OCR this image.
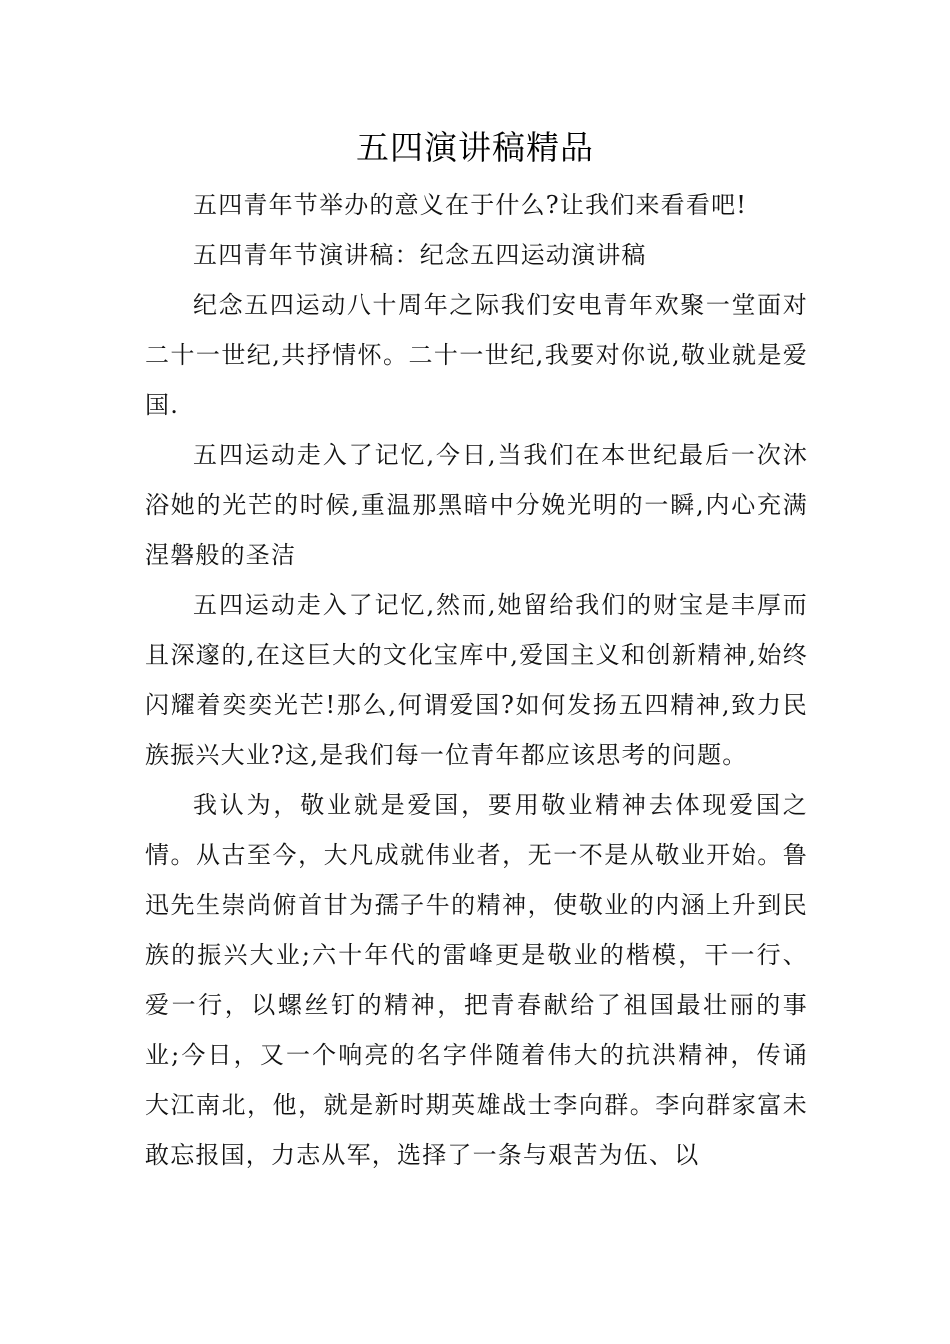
五四演讲稿精品

五四青年节举办的意义在于什么?让我们来看看吧!

五四青年节演讲稿：纪念五四运动演讲稿

纪念五四运动八十周年之际我们安电青年欢聚一堂面对二十一世纪,共抒情怀。二十一世纪,我要对你说,敬业就是爱国.

五四运动走入了记忆,今日,当我们在本世纪最后一次沐浴她的光芒的时候,重温那黑暗中分娩光明的一瞬,内心充满涅磐般的圣洁

五四运动走入了记忆,然而,她留给我们的财宝是丰厚而且深邃的,在这巨大的文化宝库中,爱国主义和创新精神,始终闪耀着奕奕光芒!那么,何谓爱国?如何发扬五四精神,致力民族振兴大业?这,是我们每一位青年都应该思考的问题。

我认为，敬业就是爱国，要用敬业精神去体现爱国之情。从古至今，大凡成就伟业者，无一不是从敬业开始。鲁迅先生崇尚俯首甘为孺子牛的精神，使敬业的内涵上升到民族的振兴大业;六十年代的雷峰更是敬业的楷模，干一行、爱一行，以螺丝钉的精神，把青春献给了祖国最壮丽的事业;今日，又一个响亮的名字伴随着伟大的抗洪精神，传诵大江南北，他，就是新时期英雄战士李向群。李向群家富未敢忘报国，力志从军，选择了一条与艰苦为伍、以
